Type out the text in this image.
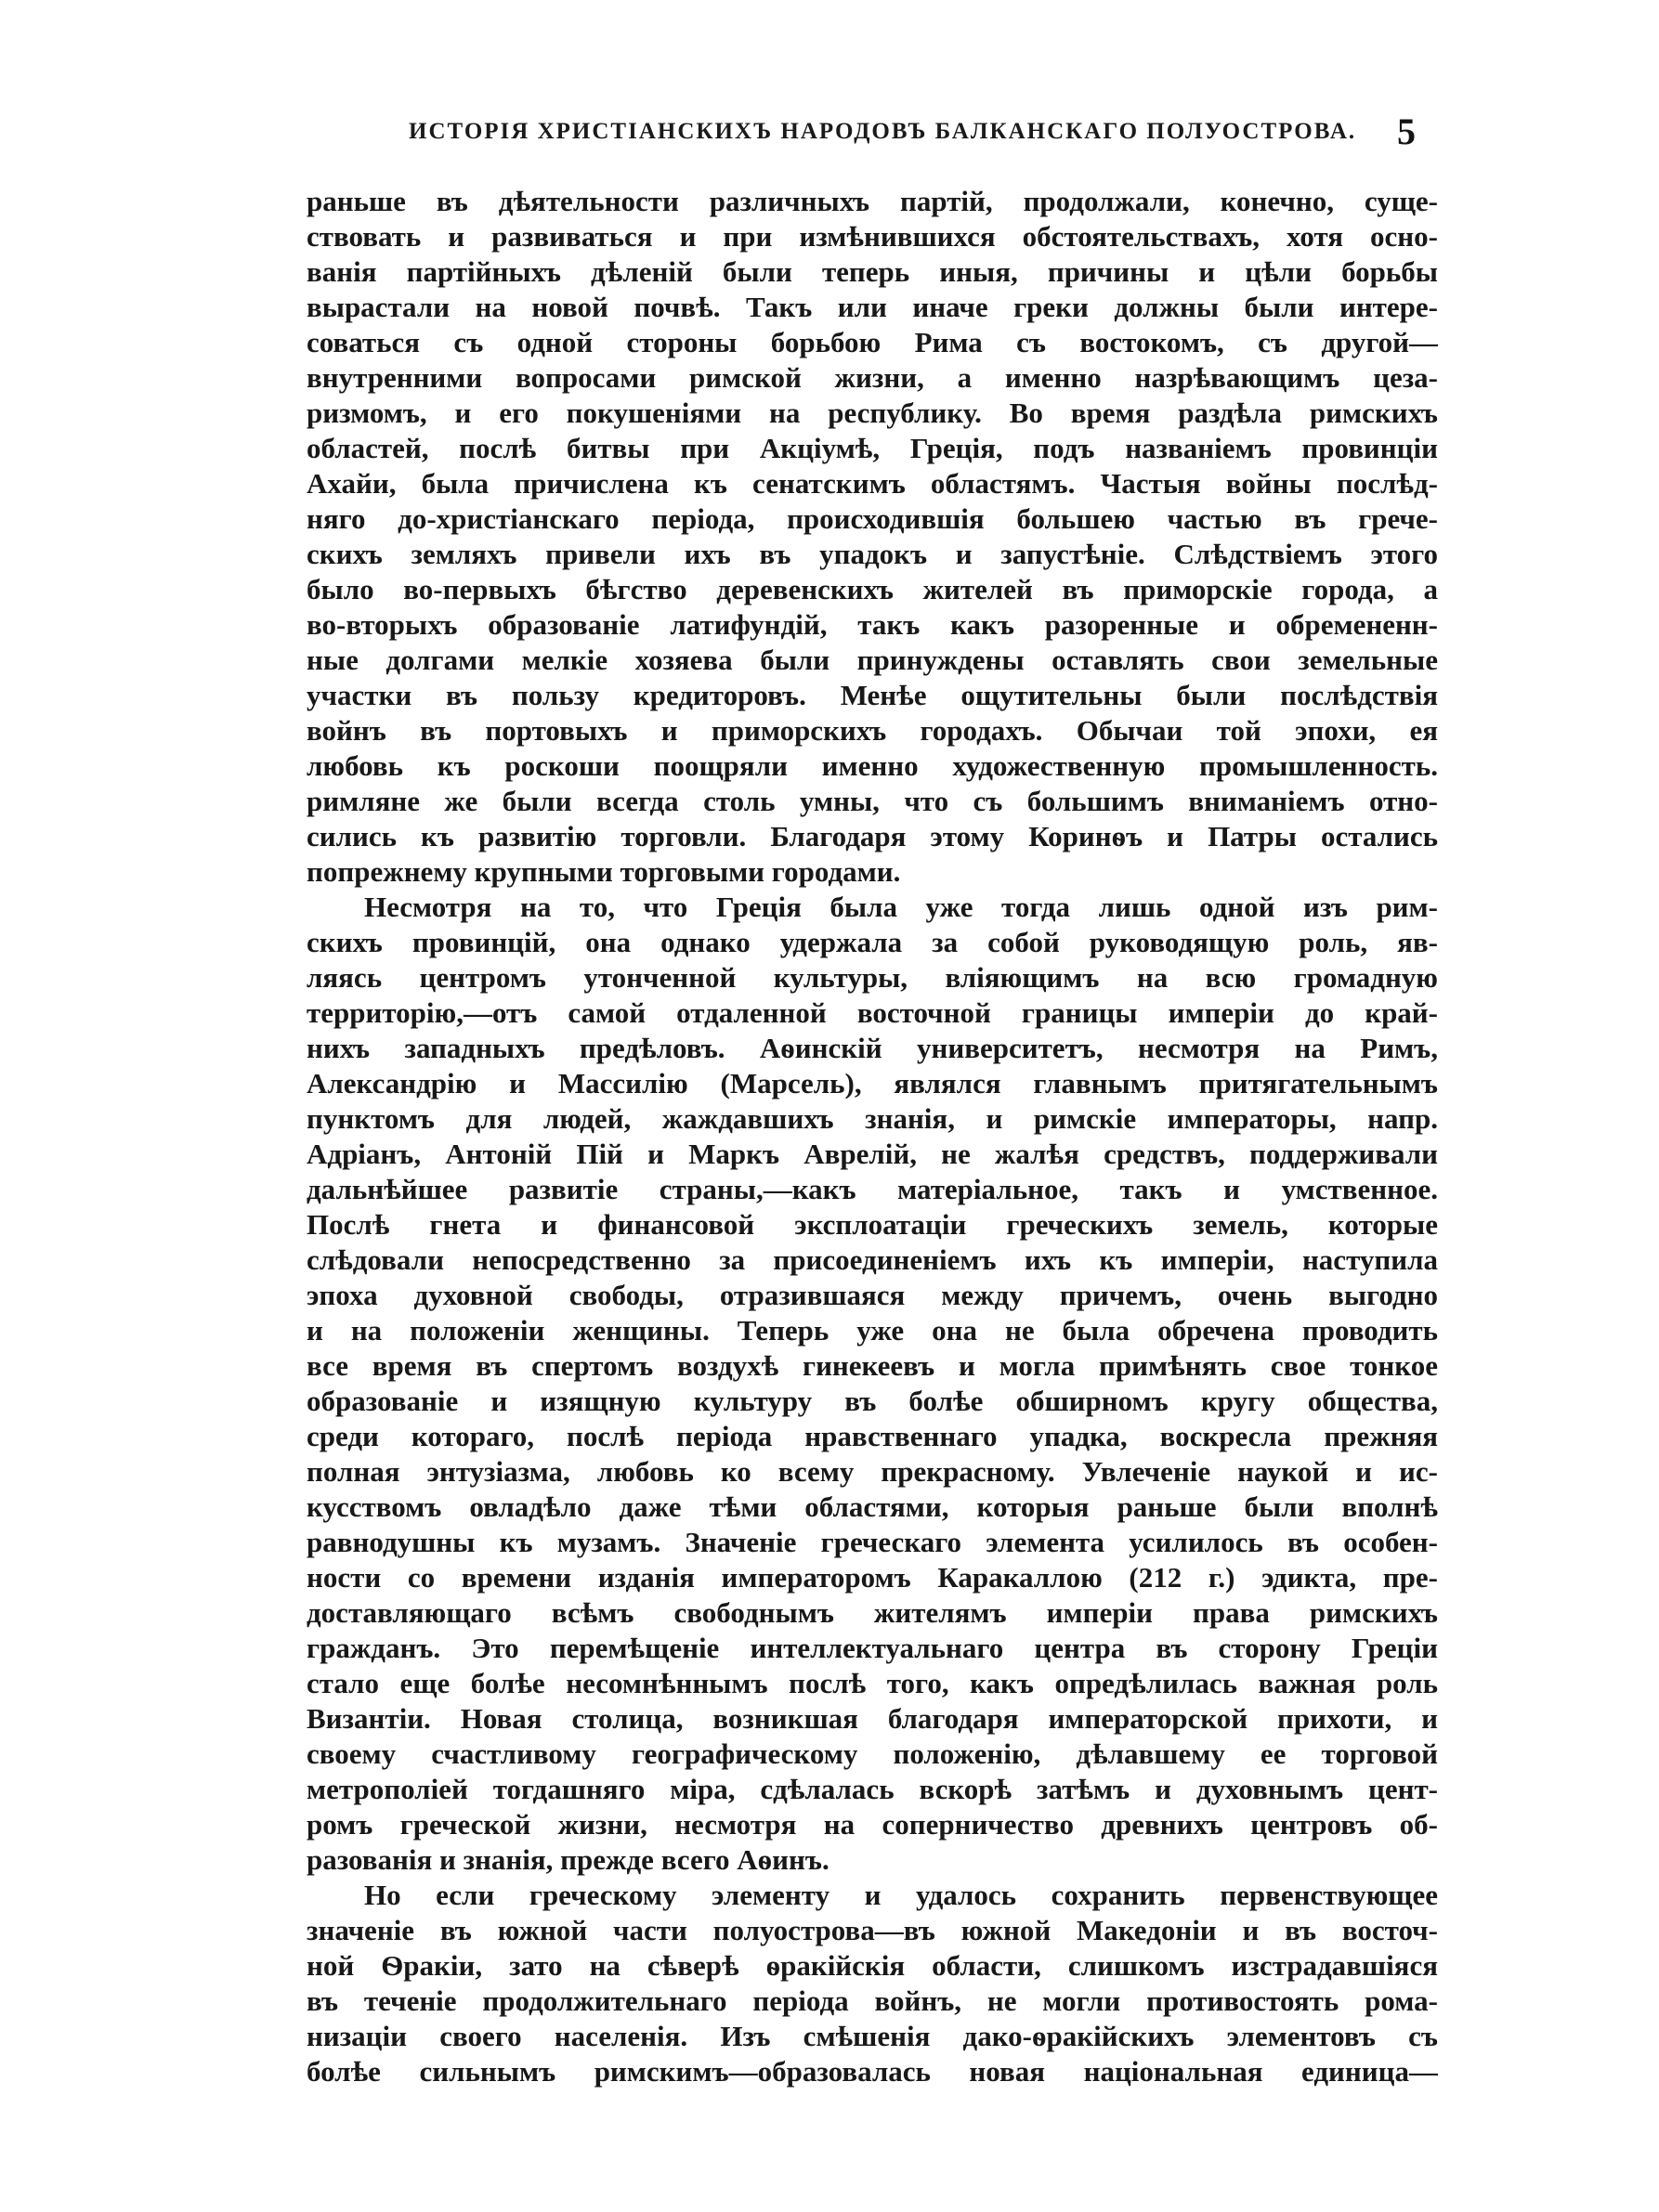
ИСТОРІЯ ХРИСТІАНСКИХЪ НАРОДОВЪ БАЛКАНСКАГО ПОЛУОСТРОВА. 5
раньше въ дѣятельности различныхъ партій, продолжали, конечно, суще-
ствовать и развиваться и при измѣнившихся обстоятельствахъ, хотя осно-
ванія партійныхъ дѣленій были теперь иныя, причины и цѣли борьбы
вырастали на новой почвѣ. Такъ или иначе греки должны были интере-
соваться съ одной стороны борьбою Рима съ востокомъ, съ другой—
внутренними вопросами римской жизни, а именно назрѣвающимъ цеза-
ризмомъ, и его покушеніями на республику. Во время раздѣла римскихъ
областей, послѣ битвы при Акціумѣ, Греція, подъ названіемъ провинціи
Ахайи, была причислена къ сенатскимъ областямъ. Частыя войны послѣд-
няго до-христіанскаго періода, происходившія большею частью въ грече-
скихъ земляхъ привели ихъ въ упадокъ и запустѣніе. Слѣдствіемъ этого
было во-первыхъ бѣгство деревенскихъ жителей въ приморскіе города, а
во-вторыхъ образованіе латифундій, такъ какъ разоренные и обремененн-
ные долгами мелкіе хозяева были принуждены оставлять свои земельные
участки въ пользу кредиторовъ. Менѣе ощутительны были послѣдствія
войнъ въ портовыхъ и приморскихъ городахъ. Обычаи той эпохи, ея
любовь къ роскоши поощряли именно художественную промышленность.
римляне же были всегда столь умны, что съ большимъ вниманіемъ отно-
сились къ развитію торговли. Благодаря этому Коринѳъ и Патры остались
попрежнему крупными торговыми городами.
Несмотря на то, что Греція была уже тогда лишь одной изъ рим-
скихъ провинцій, она однако удержала за собой руководящую роль, яв-
ляясь центромъ утонченной культуры, вліяющимъ на всю громадную
территорію,—отъ самой отдаленной восточной границы имперіи до край-
нихъ западныхъ предѣловъ. Аѳинскій университетъ, несмотря на Римъ,
Александрію и Массилію (Марсель), являлся главнымъ притягательнымъ
пунктомъ для людей, жаждавшихъ знанія, и римскіе императоры, напр.
Адріанъ, Антоній Пій и Маркъ Аврелій, не жалѣя средствъ, поддерживали
дальнѣйшее развитіе страны,—какъ матеріальное, такъ и умственное.
Послѣ гнета и финансовой эксплоатаціи греческихъ земель, которые
слѣдовали непосредственно за присоединеніемъ ихъ къ имперіи, наступила
эпоха духовной свободы, отразившаяся между причемъ, очень выгодно
и на положеніи женщины. Теперь уже она не была обречена проводить
все время въ спертомъ воздухѣ гинекеевъ и могла примѣнять свое тонкое
образованіе и изящную культуру въ болѣе обширномъ кругу общества,
среди котораго, послѣ періода нравственнаго упадка, воскресла прежняя
полная энтузіазма, любовь ко всему прекрасному. Увлеченіе наукой и ис-
кусствомъ овладѣло даже тѣми областями, которыя раньше были вполнѣ
равнодушны къ музамъ. Значеніе греческаго элемента усилилось въ особен-
ности со времени изданія императоромъ Каракаллою (212 г.) эдикта, пре-
доставляющаго всѣмъ свободнымъ жителямъ имперіи права римскихъ
гражданъ. Это перемѣщеніе интеллектуальнаго центра въ сторону Греціи
стало еще болѣе несомнѣннымъ послѣ того, какъ опредѣлилась важная роль
Византіи. Новая столица, возникшая благодаря императорской прихоти, и
своему счастливому географическому положенію, дѣлавшему ее торговой
метрополіей тогдашняго міра, сдѣлалась вскорѣ затѣмъ и духовнымъ цент-
ромъ греческой жизни, несмотря на соперничество древнихъ центровъ об-
разованія и знанія, прежде всего Аѳинъ.
Но если греческому элементу и удалось сохранить первенствующее
значеніе въ южной части полуострова—въ южной Македоніи и въ восточ-
ной Ѳракіи, зато на сѣверѣ ѳракійскія области, слишкомъ изстрадавшіяся
въ теченіе продолжительнаго періода войнъ, не могли противостоять рома-
низаціи своего населенія. Изъ смѣшенія дако-ѳракійскихъ элементовъ съ
болѣе сильнымъ римскимъ—образовалась новая національная единица—
